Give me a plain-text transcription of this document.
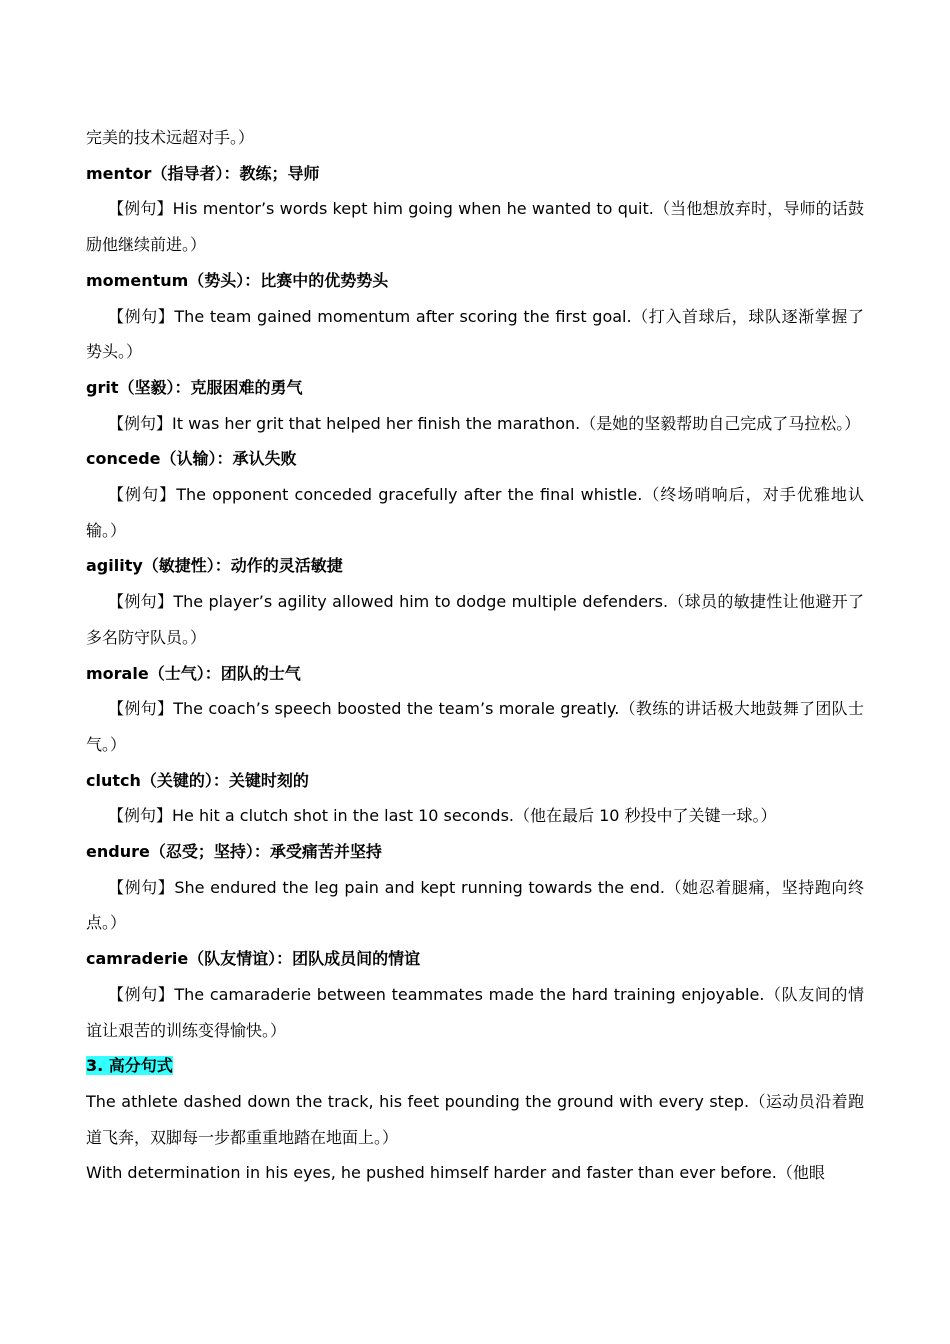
完美的技术远超对手。）
mentor（指导者）：教练；导师
【例句】His mentor’s words kept him going when he wanted to quit.（当他想放弃时，导师的话鼓励他继续前进。）
momentum（势头）：比赛中的优势势头
【例句】The team gained momentum after scoring the first goal.（打入首球后，球队逐渐掌握了势头。）
grit（坚毅）：克服困难的勇气
【例句】It was her grit that helped her finish the marathon.（是她的坚毅帮助自己完成了马拉松。）
concede（认输）：承认失败
【例句】The opponent conceded gracefully after the final whistle.（终场哨响后，对手优雅地认输。）
agility（敏捷性）：动作的灵活敏捷
【例句】The player’s agility allowed him to dodge multiple defenders.（球员的敏捷性让他避开了多名防守队员。）
morale（士气）：团队的士气
【例句】The coach’s speech boosted the team’s morale greatly.（教练的讲话极大地鼓舞了团队士气。）
clutch（关键的）：关键时刻的
【例句】He hit a clutch shot in the last 10 seconds.（他在最后 10 秒投中了关键一球。）
endure（忍受；坚持）：承受痛苦并坚持
【例句】She endured the leg pain and kept running towards the end.（她忍着腿痛，坚持跑向终点。）
camraderie（队友情谊）：团队成员间的情谊
【例句】The camaraderie between teammates made the hard training enjoyable.（队友间的情谊让艰苦的训练变得愉快。）
3. 高分句式
The athlete dashed down the track, his feet pounding the ground with every step.（运动员沿着跑道飞奔，双脚每一步都重重地踏在地面上。）
With determination in his eyes, he pushed himself harder and faster than ever before.（他眼
